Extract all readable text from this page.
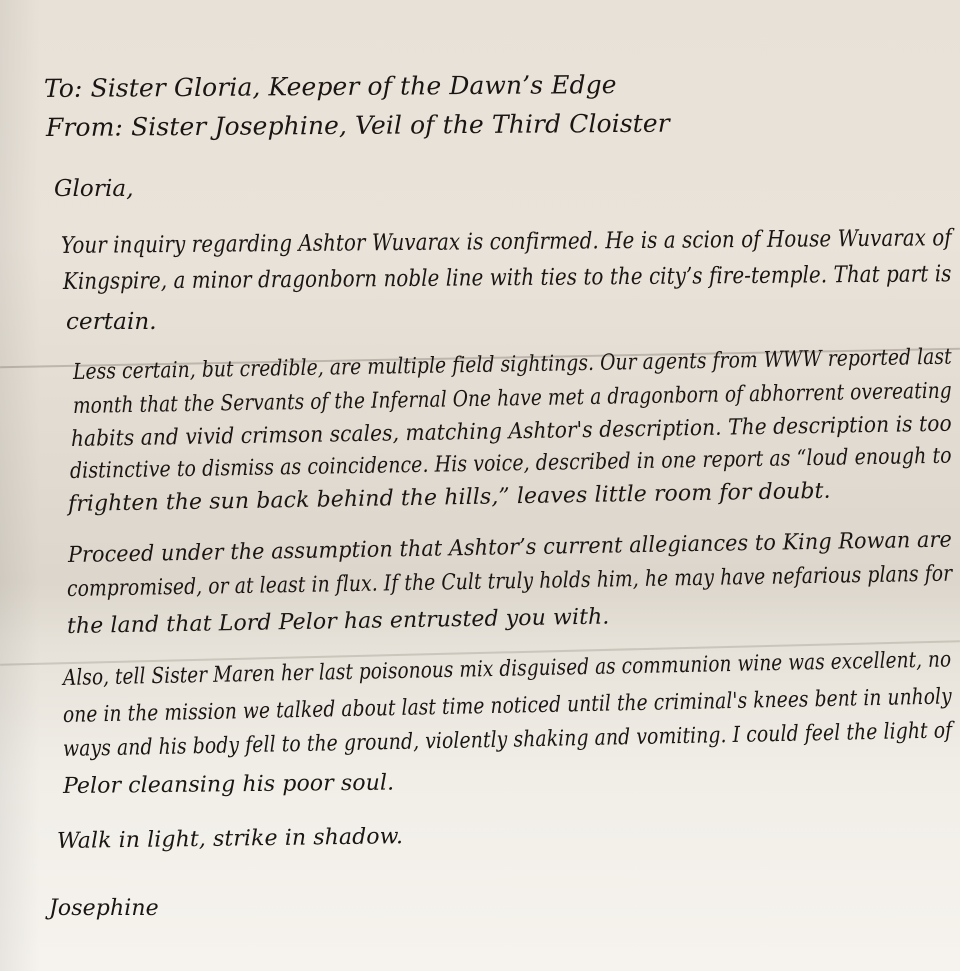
To: Sister Gloria, Keeper of the Dawn’s Edge
From: Sister Josephine, Veil of the Third Cloister
Gloria,
Your inquiry regarding Ashtor Wuvarax is confirmed. He is a scion of House Wuvarax of
Kingspire, a minor dragonborn noble line with ties to the city’s fire-temple. That part is
certain.
Less certain, but credible, are multiple field sightings. Our agents from WWW reported last
month that the Servants of the Infernal One have met a dragonborn of abhorrent overeating
habits and vivid crimson scales, matching Ashtor's description. The description is too
distinctive to dismiss as coincidence. His voice, described in one report as “loud enough to
frighten the sun back behind the hills,” leaves little room for doubt.
Proceed under the assumption that Ashtor’s current allegiances to King Rowan are
compromised, or at least in flux. If the Cult truly holds him, he may have nefarious plans for
the land that Lord Pelor has entrusted you with.
Also, tell Sister Maren her last poisonous mix disguised as communion wine was excellent, no
one in the mission we talked about last time noticed until the criminal's knees bent in unholy
ways and his body fell to the ground, violently shaking and vomiting. I could feel the light of
Pelor cleansing his poor soul.
Walk in light, strike in shadow.
Josephine
